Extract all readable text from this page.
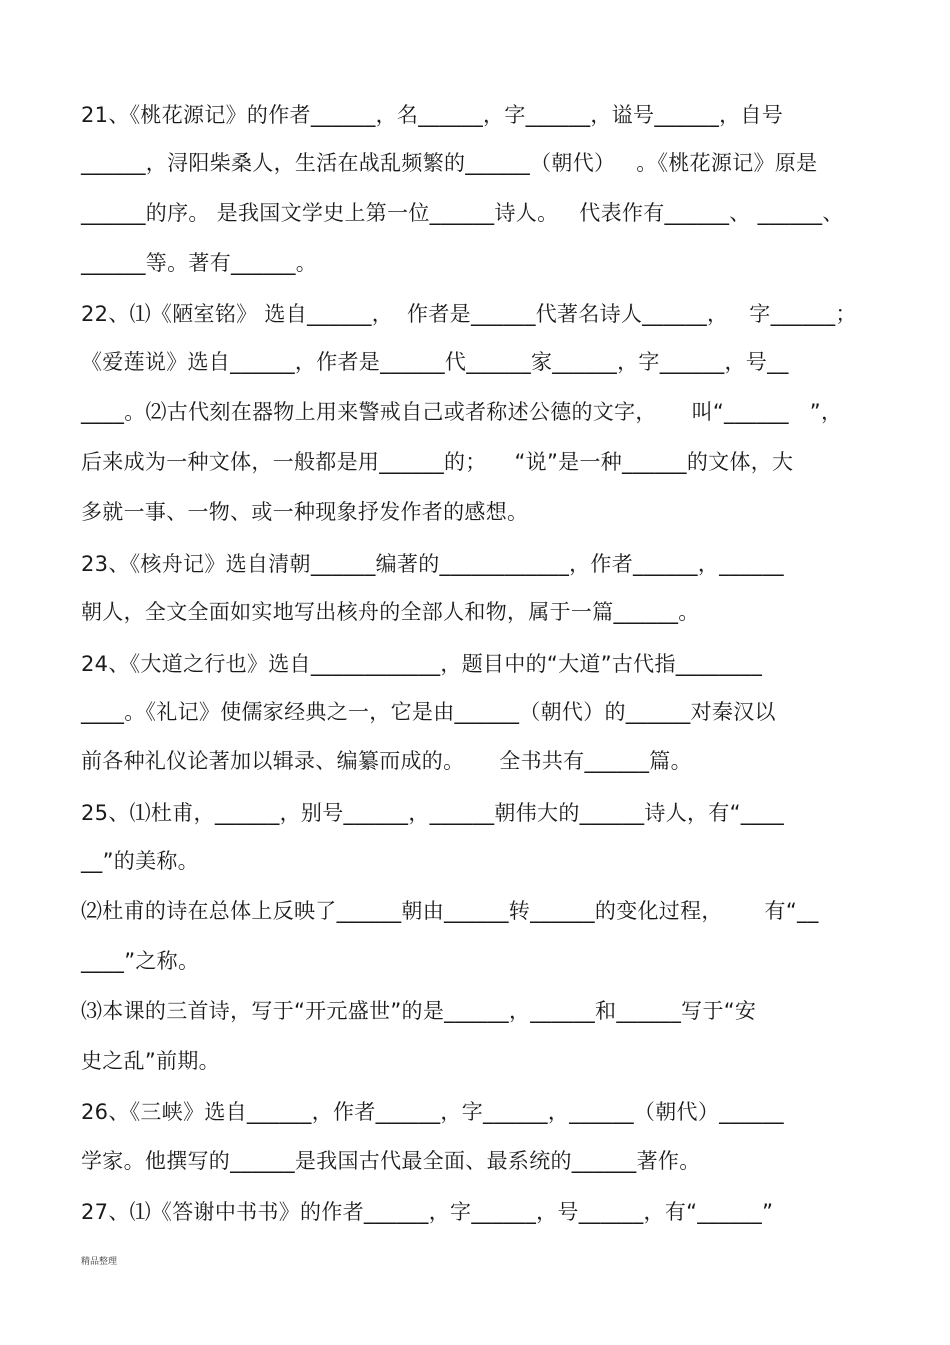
21、《桃花源记》的作者______，名______，字______，谥号______，自号
______，浔阳柴桑人，生活在战乱频繁的______（朝代）   。《桃花源记》原是
______的序。 是我国文学史上第一位______诗人。   代表作有______、 ______、
______等。著有______。
22、⑴《陋室铭》 选自______，  作者是______代著名诗人______，   字______；
《爱莲说》选自______，作者是______代______家______，字______，号__
____。⑵古代刻在器物上用来警戒自己或者称述公德的文字，     叫“______   ”，
后来成为一种文体，一般都是用______的；    “说”是一种______的文体，大
多就一事、一物、或一种现象抒发作者的感想。
23、《核舟记》选自清朝______编著的____________，作者______，______
朝人，全文全面如实地写出核舟的全部人和物，属于一篇______。
24、《大道之行也》选自____________，题目中的“大道”古代指________
____。《礼记》使儒家经典之一，它是由______（朝代）的______对秦汉以
前各种礼仪论著加以辑录、编纂而成的。     全书共有______篇。
25、⑴杜甫，______，别号______，______朝伟大的______诗人，有“____
__”的美称。
⑵杜甫的诗在总体上反映了______朝由______转______的变化过程，      有“__
____”之称。
⑶本课的三首诗，写于“开元盛世”的是______，______和______写于“安
史之乱”前期。
26、《三峡》选自______，作者______，字______，______（朝代）______
学家。他撰写的______是我国古代最全面、最系统的______著作。
27、⑴《答谢中书书》的作者______，字______，号______，有“______”
精品整理
